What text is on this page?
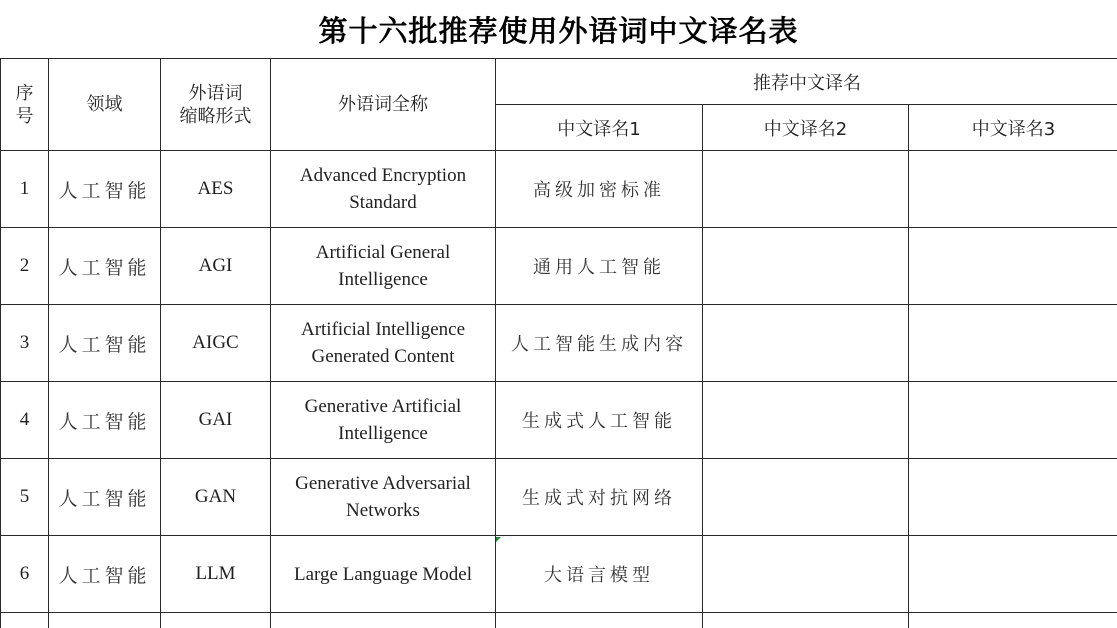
第十六批推荐使用外语词中文译名表
序
号	领域	外语词
缩略形式	外语词全称	推荐中文译名		
				中文译名1	中文译名2	中文译名3
1	人工智能	AES	Advanced Encryption
Standard	高级加密标准		
2	人工智能	AGI	Artificial General
Intelligence	通用人工智能		
3	人工智能	AIGC	Artificial Intelligence
Generated Content	人工智能生成内容		
4	人工智能	GAI	Generative Artificial
Intelligence	生成式人工智能		
5	人工智能	GAN	Generative Adversarial
Networks	生成式对抗网络		
6	人工智能	LLM	Large Language Model	大语言模型		
